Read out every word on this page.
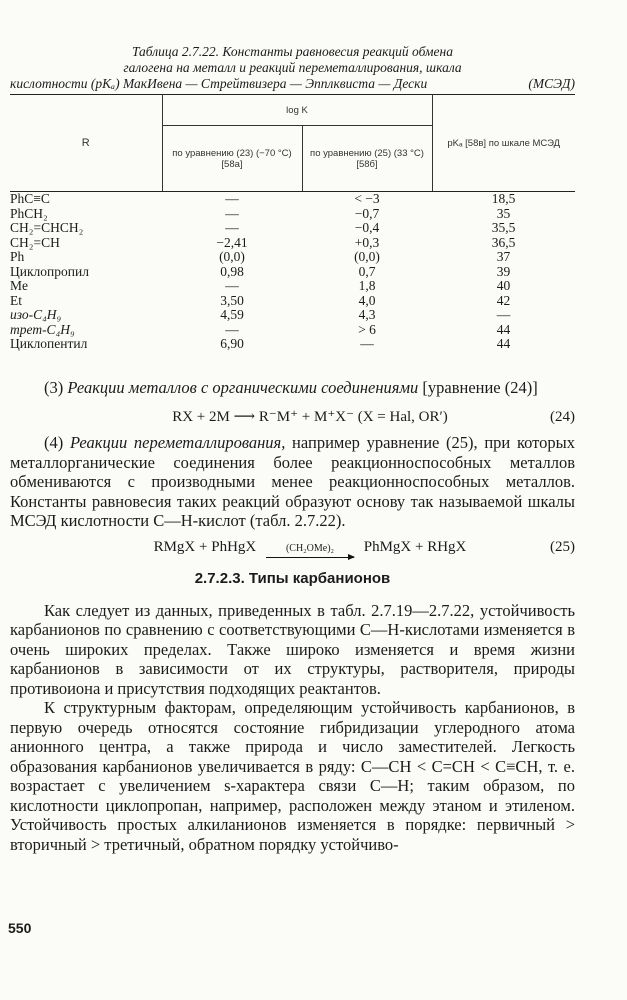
Таблица 2.7.22. Константы равновесия реакций обмена
галогена на металл и реакций переметаллирования, шкала
кислотности (pKₐ) МакИвена — Стрейтвизера — Эпплквиста — Дески	(МСЭД)
R	log K		pKₐ [58в] по шкале МСЭД
	по уравнению (23) (−70 °С) [58а]	по уравнению (25) (33 °С) [58б]	
PhC≡C	—	< −3	18,5
PhCH₂	—	−0,7	35
CH₂=CHCH₂	—	−0,4	35,5
CH₂=CH	−2,41	+0,3	36,5
Ph	(0,0)	(0,0)	37
Циклопропил	0,98	0,7	39
Me	—	1,8	40
Et	3,50	4,0	42
изо-C₄H₉	4,59	4,3	—
трет-C₄H₉	—	> 6	44
Циклопентил	6,90	—	44

(3) Реакции металлов с органическими соединениями [уравнение (24)]

RX + 2M ⟶ R⁻M⁺ + M⁺X⁻ (X = Hal, OR′)	(24)

(4) Реакции переметаллирования, например уравнение (25), при которых металлорганические соединения более реакционноспособных металлов обмениваются с производными менее реакционноспособных металлов. Константы равновесия таких реакций образуют основу так называемой шкалы МСЭД кислотности С—Н-кислот (табл. 2.7.22).

RMgX + PhHgX	(CH₂OMe)₂ PhMgX + RHgX	(25)
2.7.2.3. Типы карбанионов

Как следует из данных, приведенных в табл. 2.7.19—2.7.22, устойчивость карбанионов по сравнению с соответствующими С—Н-кислотами изменяется в очень широких пределах. Также широко изменяется и время жизни карбанионов в зависимости от их структуры, растворителя, природы противоиона и присутствия подходящих реактантов.

К структурным факторам, определяющим устойчивость карбанионов, в первую очередь относятся состояние гибридизации углеродного атома анионного центра, а также природа и число заместителей. Легкость образования карбанионов увеличивается в ряду: С—СН < С=СН < С≡СН, т. е. возрастает с увеличением s-характера связи С—Н; таким образом, по кислотности циклопропан, например, расположен между этаном и этиленом. Устойчивость простых алкиланионов изменяется в порядке: первичный > вторичный > третичный, обратном порядку устойчиво-

550
